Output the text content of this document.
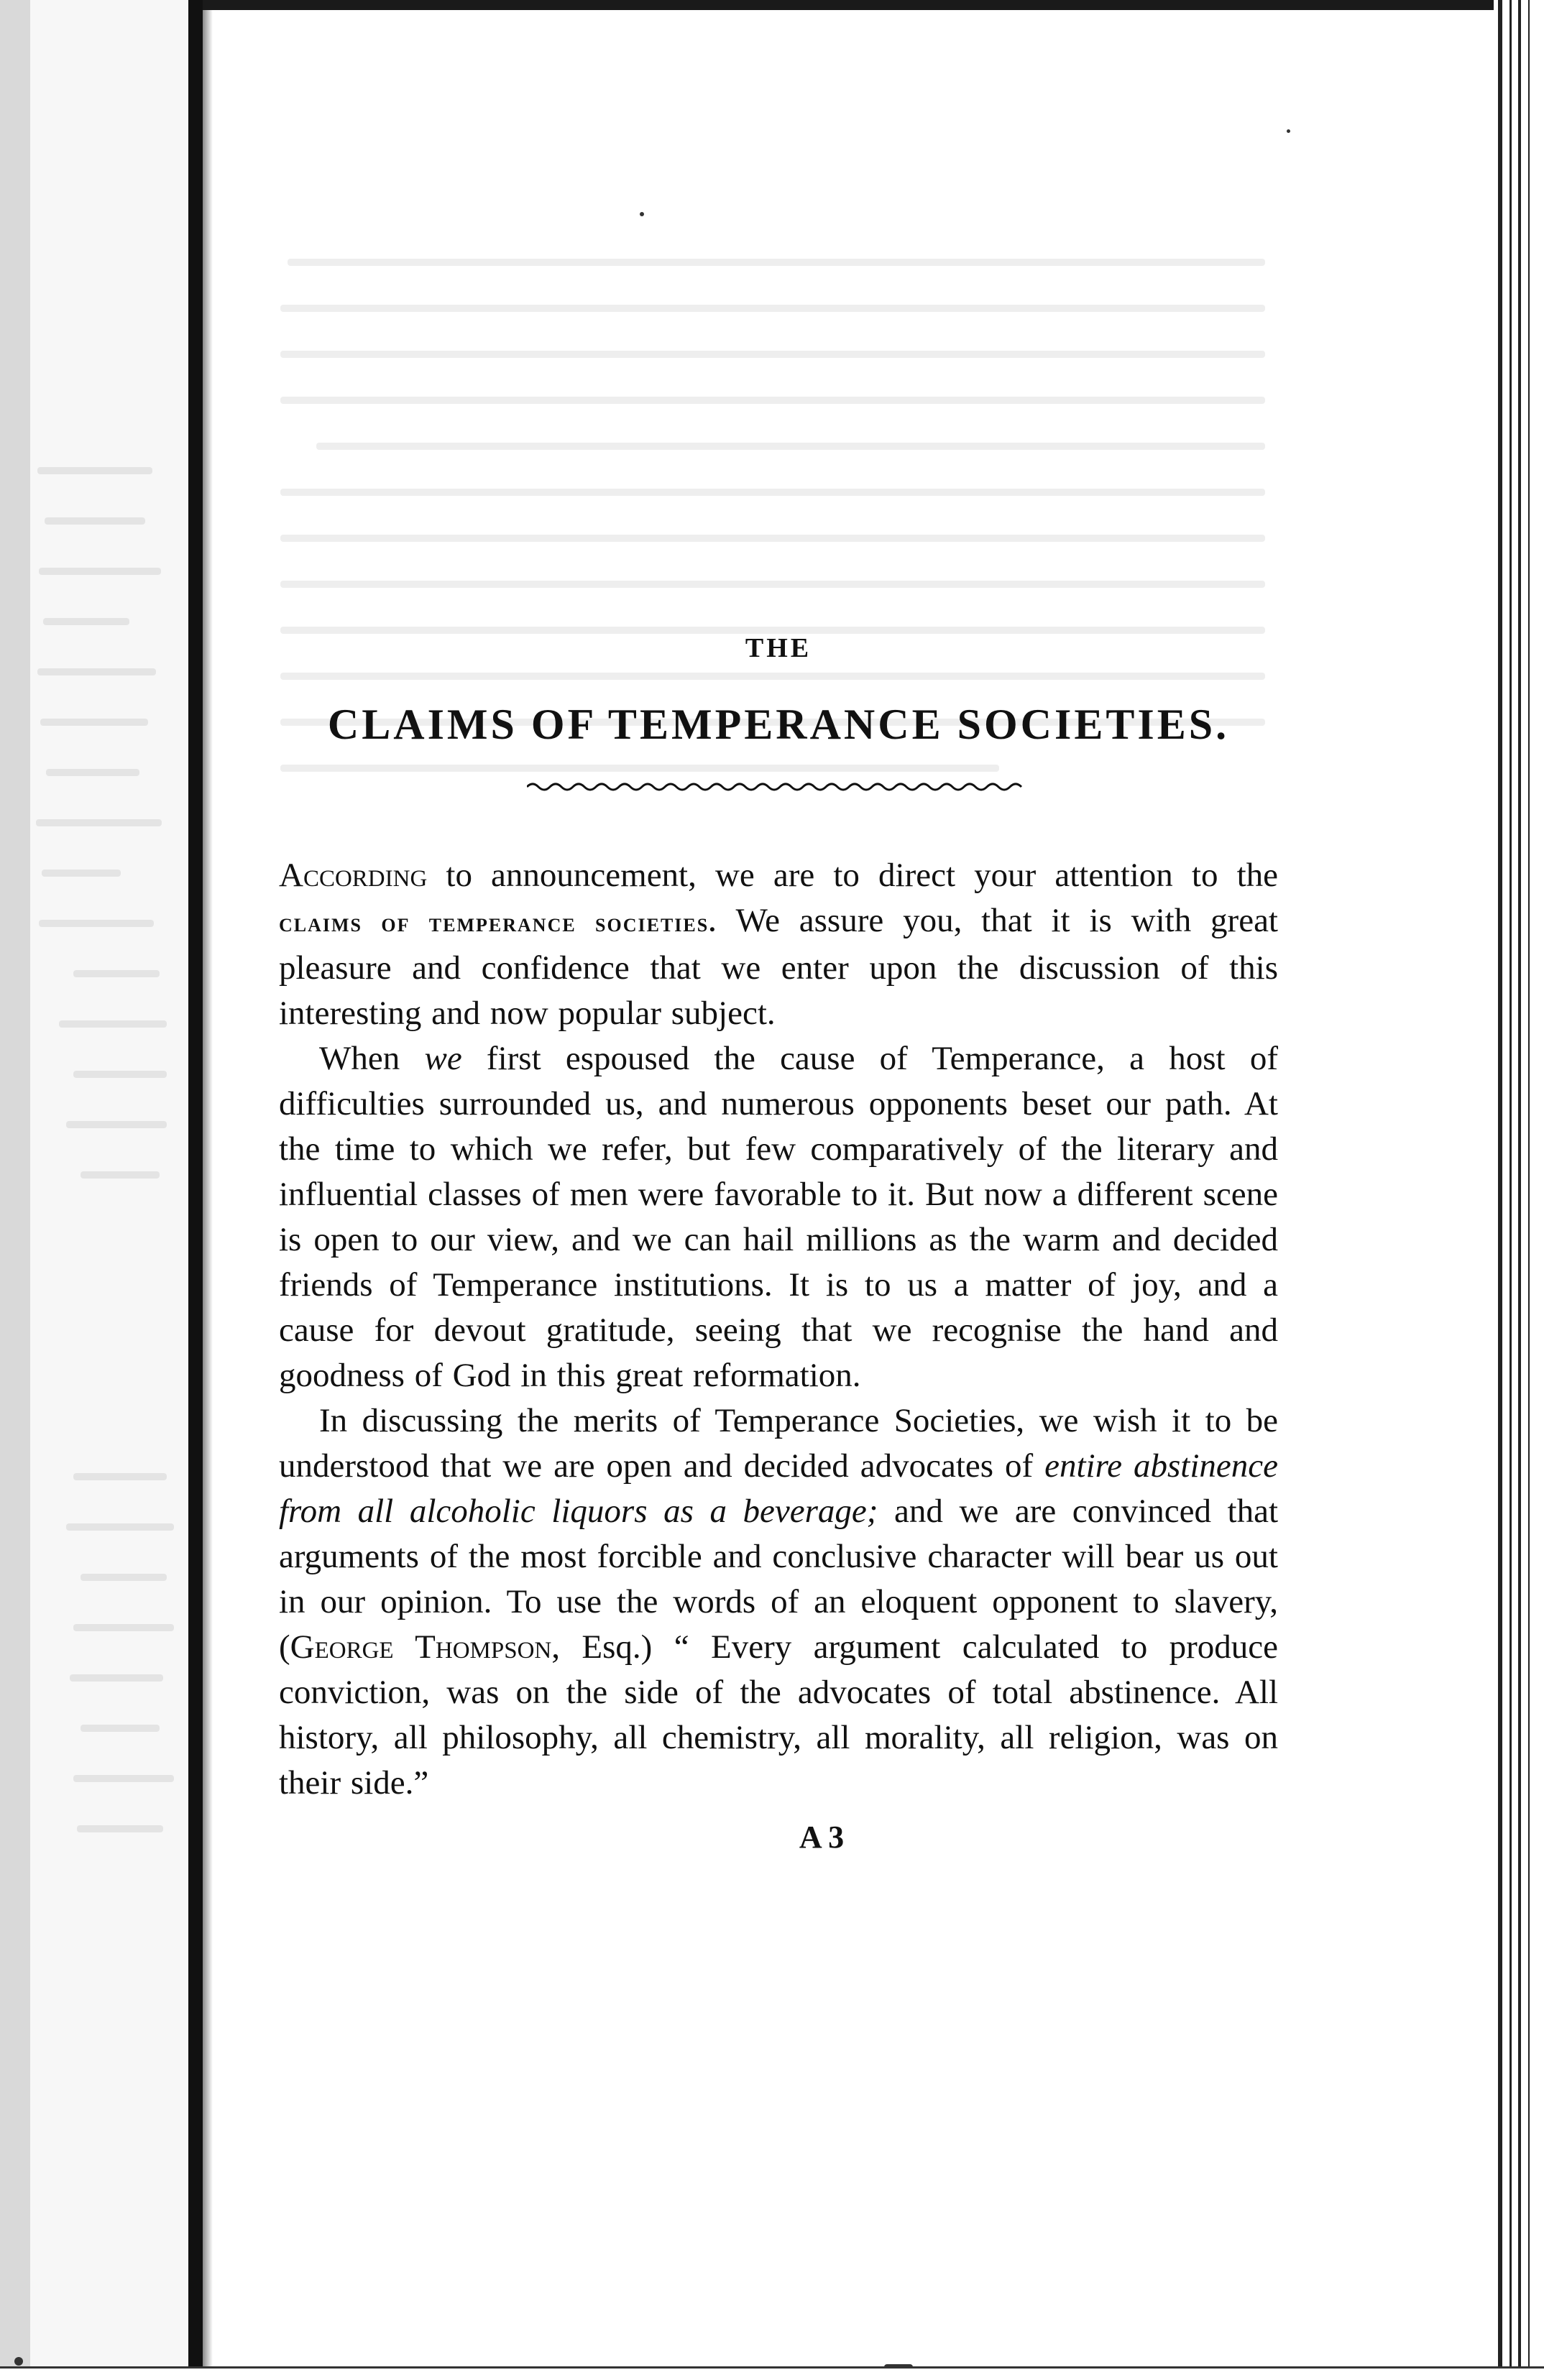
THE
CLAIMS OF TEMPERANCE SOCIETIES.

According to announcement, we are to direct your attention to the claims of temperance societies. We assure you, that it is with great pleasure and confidence that we enter upon the discussion of this interesting and now popular subject.

When we first espoused the cause of Temperance, a host of difficulties surrounded us, and numerous opponents beset our path. At the time to which we refer, but few comparatively of the literary and influential classes of men were favorable to it. But now a different scene is open to our view, and we can hail millions as the warm and decided friends of Temperance institutions. It is to us a matter of joy, and a cause for devout gratitude, seeing that we recognise the hand and goodness of God in this great reformation.

In discussing the merits of Temperance Societies, we wish it to be understood that we are open and decided advocates of entire abstinence from all alcoholic liquors as a beverage; and we are convinced that arguments of the most forcible and conclusive character will bear us out in our opinion. To use the words of an eloquent opponent to slavery, (George Thompson, Esq.) “ Every argument calculated to produce conviction, was on the side of the advocates of total abstinence. All history, all philosophy, all chemistry, all morality, all religion, was on their side.”

A 3
